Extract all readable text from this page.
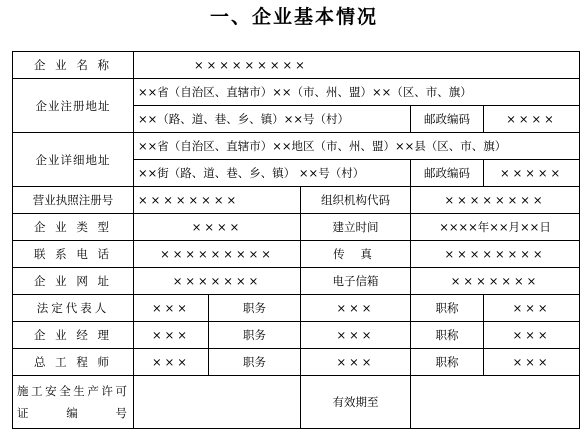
一、企业基本情况
企 业 名 称	×××××××××				
企业注册地址	××省（自治区、直辖市）××（市、州、盟）××（区、市、旗）				
	××（路、道、巷、乡、镇）××号（村）			邮政编码	××××
企业详细地址	××省（自治区、直辖市）××地区（市、州、盟）××县（区、市、旗）				
	××街（路、道、巷、乡、镇） ××号（村）			邮政编码	×××××
营业执照注册号	××××××××		组织机构代码	××××××××	
企 业 类 型	××××		建立时间	××××年××月××日	
联 系 电 话	×××××××××		传 真	××××××××	
企 业 网 址	×××××××		电子信箱	×××××××	
法定代表人	×××	职务	×××	职称	×××
企 业 经 理	×××	职务	×××	职称	×××
总 工 程 师	×××	职务	×××	职称	×××
施工安全生产许可证编号			有效期至		
